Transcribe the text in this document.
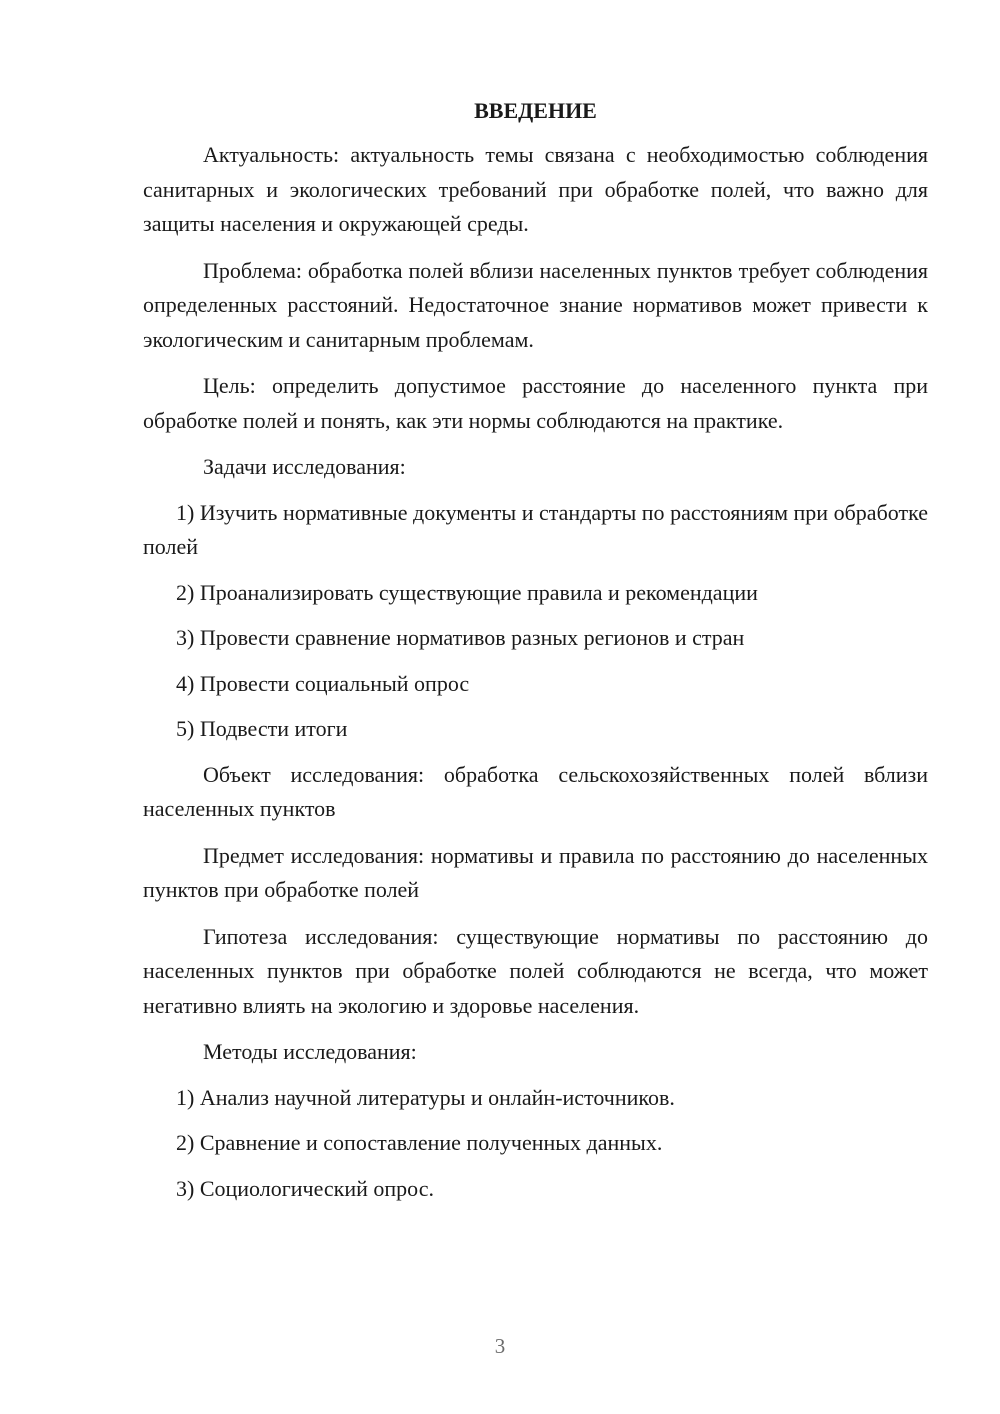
ВВЕДЕНИЕ

Актуальность: актуальность темы связана с необходимостью соблюдения санитарных и экологических требований при обработке полей, что важно для защиты населения и окружающей среды.

Проблема: обработка полей вблизи населенных пунктов требует соблюдения определенных расстояний. Недостаточное знание нормативов может привести к экологическим и санитарным проблемам.

Цель: определить допустимое расстояние до населенного пункта при обработке полей и понять, как эти нормы соблюдаются на практике.

Задачи исследования:

1) Изучить нормативные документы и стандарты по расстояниям при обработке полей

2) Проанализировать существующие правила и рекомендации

3) Провести сравнение нормативов разных регионов и стран

4) Провести социальный опрос

5) Подвести итоги

Объект исследования: обработка сельскохозяйственных полей вблизи населенных пунктов

Предмет исследования: нормативы и правила по расстоянию до населенных пунктов при обработке полей

Гипотеза исследования: существующие нормативы по расстоянию до населенных пунктов при обработке полей соблюдаются не всегда, что может негативно влиять на экологию и здоровье населения.

Методы исследования:

1) Анализ научной литературы и онлайн-источников.

2) Сравнение и сопоставление полученных данных.

3) Социологический опрос.

3
